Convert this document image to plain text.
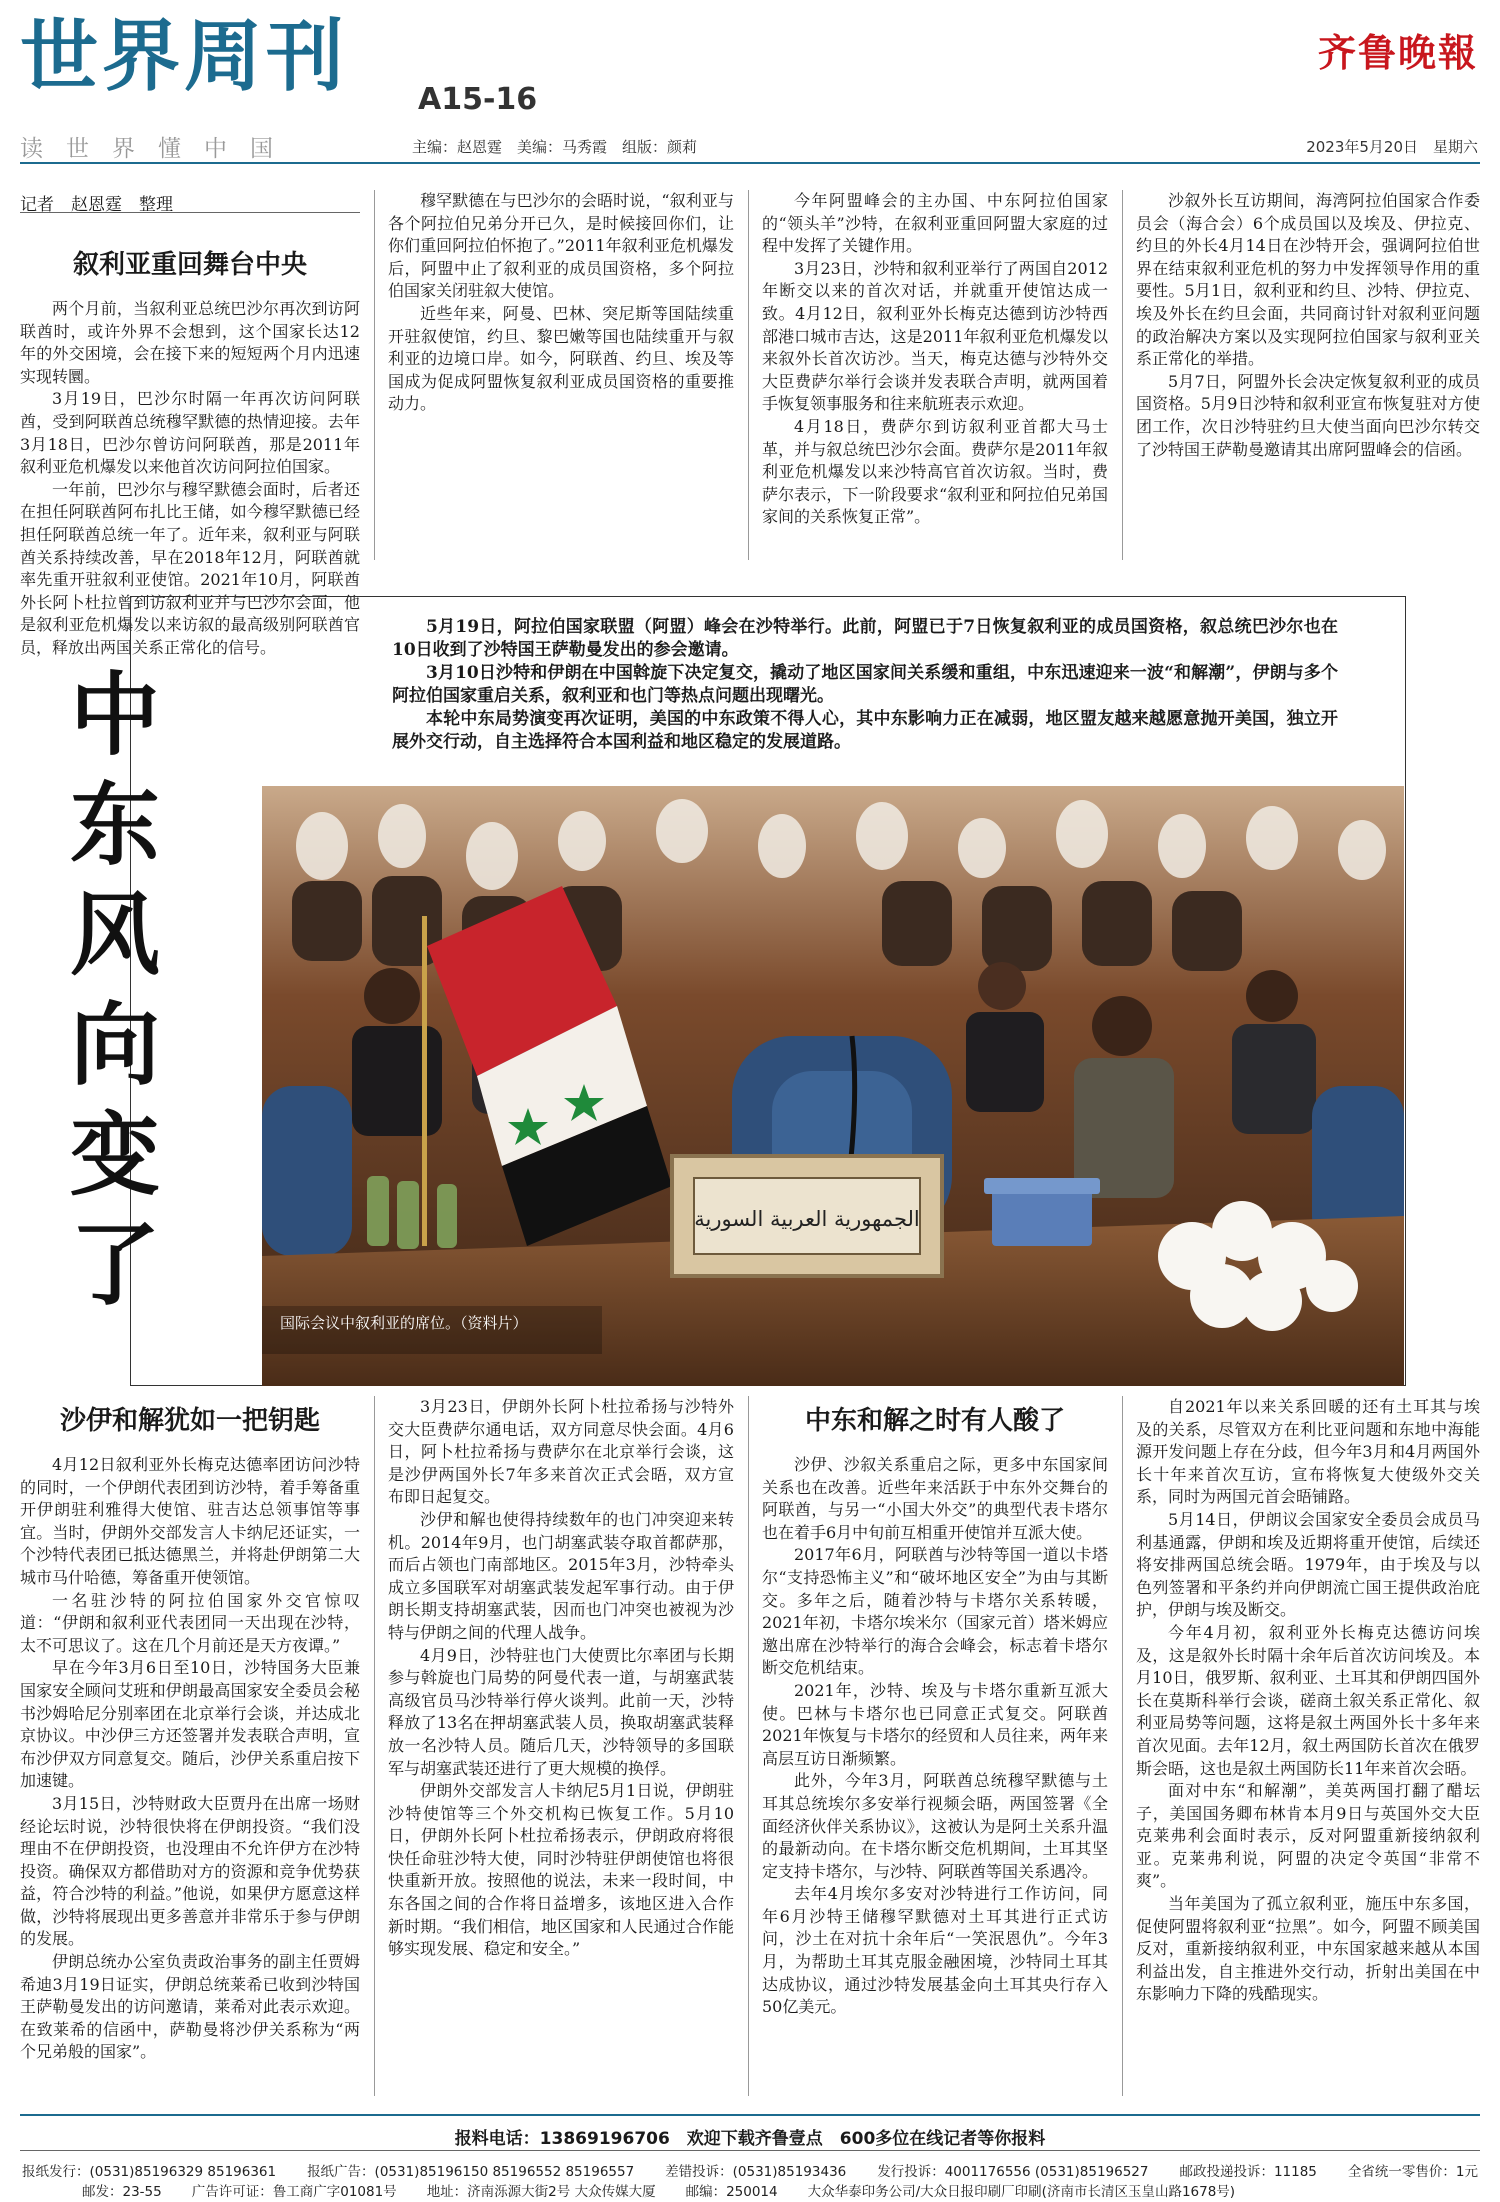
世界周刊 A15-16
齐鲁晚報
读世界懂中国	主编：赵恩霆　美编：马秀霞　组版：颜莉	2023年5月20日　星期六
记者　赵恩霆　整理

叙利亚重回舞台中央

两个月前，当叙利亚总统巴沙尔再次到访阿联酋时，或许外界不会想到，这个国家长达12年的外交困境，会在接下来的短短两个月内迅速实现转圜。

3月19日，巴沙尔时隔一年再次访问阿联酋，受到阿联酋总统穆罕默德的热情迎接。去年3月18日，巴沙尔曾访问阿联酋，那是2011年叙利亚危机爆发以来他首次访问阿拉伯国家。

一年前，巴沙尔与穆罕默德会面时，后者还在担任阿联酋阿布扎比王储，如今穆罕默德已经担任阿联酋总统一年了。近年来，叙利亚与阿联酋关系持续改善，早在2018年12月，阿联酋就率先重开驻叙利亚使馆。2021年10月，阿联酋外长阿卜杜拉曾到访叙利亚并与巴沙尔会面，他是叙利亚危机爆发以来访叙的最高级别阿联酋官员，释放出两国关系正常化的信号。

穆罕默德在与巴沙尔的会晤时说，“叙利亚与各个阿拉伯兄弟分开已久，是时候接回你们，让你们重回阿拉伯怀抱了。”2011年叙利亚危机爆发后，阿盟中止了叙利亚的成员国资格，多个阿拉伯国家关闭驻叙大使馆。

近些年来，阿曼、巴林、突尼斯等国陆续重开驻叙使馆，约旦、黎巴嫩等国也陆续重开与叙利亚的边境口岸。如今，阿联酋、约旦、埃及等国成为促成阿盟恢复叙利亚成员国资格的重要推动力。

今年阿盟峰会的主办国、中东阿拉伯国家的“领头羊”沙特，在叙利亚重回阿盟大家庭的过程中发挥了关键作用。

3月23日，沙特和叙利亚举行了两国自2012年断交以来的首次对话，并就重开使馆达成一致。4月12日，叙利亚外长梅克达德到访沙特西部港口城市吉达，这是2011年叙利亚危机爆发以来叙外长首次访沙。当天，梅克达德与沙特外交大臣费萨尔举行会谈并发表联合声明，就两国着手恢复领事服务和往来航班表示欢迎。

4月18日，费萨尔到访叙利亚首都大马士革，并与叙总统巴沙尔会面。费萨尔是2011年叙利亚危机爆发以来沙特高官首次访叙。当时，费萨尔表示，下一阶段要求“叙利亚和阿拉伯兄弟国家间的关系恢复正常”。

沙叙外长互访期间，海湾阿拉伯国家合作委员会（海合会）6个成员国以及埃及、伊拉克、约旦的外长4月14日在沙特开会，强调阿拉伯世界在结束叙利亚危机的努力中发挥领导作用的重要性。5月1日，叙利亚和约旦、沙特、伊拉克、埃及外长在约旦会面，共同商讨针对叙利亚问题的政治解决方案以及实现阿拉伯国家与叙利亚关系正常化的举措。

5月7日，阿盟外长会决定恢复叙利亚的成员国资格。5月9日沙特和叙利亚宣布恢复驻对方使团工作，次日沙特驻约旦大使当面向巴沙尔转交了沙特国王萨勒曼邀请其出席阿盟峰会的信函。

中东风向变了

5月19日，阿拉伯国家联盟（阿盟）峰会在沙特举行。此前，阿盟已于7日恢复叙利亚的成员国资格，叙总统巴沙尔也在10日收到了沙特国王萨勒曼发出的参会邀请。

3月10日沙特和伊朗在中国斡旋下决定复交，撬动了地区国家间关系缓和重组，中东迅速迎来一波“和解潮”，伊朗与多个阿拉伯国家重启关系，叙利亚和也门等热点问题出现曙光。

本轮中东局势演变再次证明，美国的中东政策不得人心，其中东影响力正在减弱，地区盟友越来越愿意抛开美国，独立开展外交行动，自主选择符合本国利益和地区稳定的发展道路。

الجمهورية العربية السورية
国际会议中叙利亚的席位。（资料片）

沙伊和解犹如一把钥匙

4月12日叙利亚外长梅克达德率团访问沙特的同时，一个伊朗代表团到访沙特，着手筹备重开伊朗驻利雅得大使馆、驻吉达总领事馆等事宜。当时，伊朗外交部发言人卡纳尼还证实，一个沙特代表团已抵达德黑兰，并将赴伊朗第二大城市马什哈德，筹备重开使领馆。

一名驻沙特的阿拉伯国家外交官惊叹道：“伊朗和叙利亚代表团同一天出现在沙特，太不可思议了。这在几个月前还是天方夜谭。”

早在今年3月6日至10日，沙特国务大臣兼国家安全顾问艾班和伊朗最高国家安全委员会秘书沙姆哈尼分别率团在北京举行会谈，并达成北京协议。中沙伊三方还签署并发表联合声明，宣布沙伊双方同意复交。随后，沙伊关系重启按下加速键。

3月15日，沙特财政大臣贾丹在出席一场财经论坛时说，沙特很快将在伊朗投资。“我们没理由不在伊朗投资，也没理由不允许伊方在沙特投资。确保双方都借助对方的资源和竞争优势获益，符合沙特的利益。”他说，如果伊方愿意这样做，沙特将展现出更多善意并非常乐于参与伊朗的发展。

伊朗总统办公室负责政治事务的副主任贾姆希迪3月19日证实，伊朗总统莱希已收到沙特国王萨勒曼发出的访问邀请，莱希对此表示欢迎。在致莱希的信函中，萨勒曼将沙伊关系称为“两个兄弟般的国家”。

3月23日，伊朗外长阿卜杜拉希扬与沙特外交大臣费萨尔通电话，双方同意尽快会面。4月6日，阿卜杜拉希扬与费萨尔在北京举行会谈，这是沙伊两国外长7年多来首次正式会晤，双方宣布即日起复交。

沙伊和解也使得持续数年的也门冲突迎来转机。2014年9月，也门胡塞武装夺取首都萨那，而后占领也门南部地区。2015年3月，沙特牵头成立多国联军对胡塞武装发起军事行动。由于伊朗长期支持胡塞武装，因而也门冲突也被视为沙特与伊朗之间的代理人战争。

4月9日，沙特驻也门大使贾比尔率团与长期参与斡旋也门局势的阿曼代表一道，与胡塞武装高级官员马沙特举行停火谈判。此前一天，沙特释放了13名在押胡塞武装人员，换取胡塞武装释放一名沙特人员。随后几天，沙特领导的多国联军与胡塞武装还进行了更大规模的换俘。

伊朗外交部发言人卡纳尼5月1日说，伊朗驻沙特使馆等三个外交机构已恢复工作。5月10日，伊朗外长阿卜杜拉希扬表示，伊朗政府将很快任命驻沙特大使，同时沙特驻伊朗使馆也将很快重新开放。按照他的说法，未来一段时间，中东各国之间的合作将日益增多，该地区进入合作新时期。“我们相信，地区国家和人民通过合作能够实现发展、稳定和安全。”

中东和解之时有人酸了

沙伊、沙叙关系重启之际，更多中东国家间关系也在改善。近些年来活跃于中东外交舞台的阿联酋，与另一“小国大外交”的典型代表卡塔尔也在着手6月中旬前互相重开使馆并互派大使。

2017年6月，阿联酋与沙特等国一道以卡塔尔“支持恐怖主义”和“破坏地区安全”为由与其断交。多年之后，随着沙特与卡塔尔关系转暖，2021年初，卡塔尔埃米尔（国家元首）塔米姆应邀出席在沙特举行的海合会峰会，标志着卡塔尔断交危机结束。

2021年，沙特、埃及与卡塔尔重新互派大使。巴林与卡塔尔也已同意正式复交。阿联酋2021年恢复与卡塔尔的经贸和人员往来，两年来高层互访日渐频繁。

此外，今年3月，阿联酋总统穆罕默德与土耳其总统埃尔多安举行视频会晤，两国签署《全面经济伙伴关系协议》，这被认为是阿土关系升温的最新动向。在卡塔尔断交危机期间，土耳其坚定支持卡塔尔，与沙特、阿联酋等国关系遇冷。

去年4月埃尔多安对沙特进行工作访问，同年6月沙特王储穆罕默德对土耳其进行正式访问，沙土在对抗十余年后“一笑泯恩仇”。今年3月，为帮助土耳其克服金融困境，沙特同土耳其达成协议，通过沙特发展基金向土耳其央行存入50亿美元。

自2021年以来关系回暖的还有土耳其与埃及的关系，尽管双方在利比亚问题和东地中海能源开发问题上存在分歧，但今年3月和4月两国外长十年来首次互访，宣布将恢复大使级外交关系，同时为两国元首会晤铺路。

5月14日，伊朗议会国家安全委员会成员马利基通露，伊朗和埃及近期将重开使馆，后续还将安排两国总统会晤。1979年，由于埃及与以色列签署和平条约并向伊朗流亡国王提供政治庇护，伊朗与埃及断交。

今年4月初，叙利亚外长梅克达德访问埃及，这是叙外长时隔十余年后首次访问埃及。本月10日，俄罗斯、叙利亚、土耳其和伊朗四国外长在莫斯科举行会谈，磋商土叙关系正常化、叙利亚局势等问题，这将是叙土两国外长十多年来首次见面。去年12月，叙土两国防长首次在俄罗斯会晤，这也是叙土两国防长11年来首次会晤。

面对中东“和解潮”，美英两国打翻了醋坛子，美国国务卿布林肯本月9日与英国外交大臣克莱弗利会面时表示，反对阿盟重新接纳叙利亚。克莱弗利说，阿盟的决定令英国“非常不爽”。

当年美国为了孤立叙利亚，施压中东多国，促使阿盟将叙利亚“拉黑”。如今，阿盟不顾美国反对，重新接纳叙利亚，中东国家越来越从本国利益出发，自主推进外交行动，折射出美国在中东影响力下降的残酷现实。

报料电话：13869196706　欢迎下载齐鲁壹点　600多位在线记者等你报料
报纸发行：(0531)85196329 85196361 报纸广告：(0531)85196150 85196552 85196557 差错投诉：(0531)85193436 发行投诉：4001176556 (0531)85196527 邮政投递投诉：11185 全省统一零售价：1元
邮发：23-55 广告许可证：鲁工商广字01081号 地址：济南泺源大街2号 大众传媒大厦 邮编：250014 大众华泰印务公司/大众日报印刷厂印刷(济南市长清区玉皇山路1678号)
